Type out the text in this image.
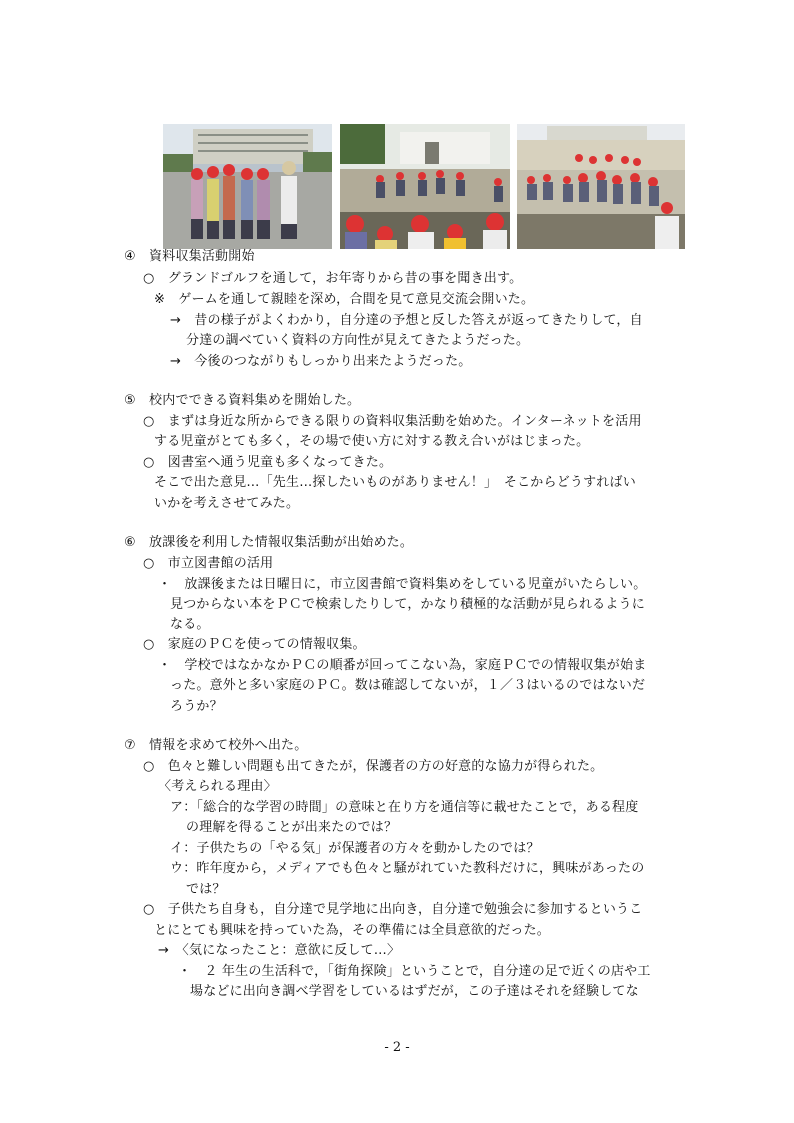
④　資料収集活動開始
○　グランドゴルフを通して，お年寄りから昔の事を聞き出す。
※　ゲームを通して親睦を深め，合間を見て意見交流会開いた。
→　昔の様子がよくわかり，自分達の予想と反した答えが返ってきたりして，自
分達の調べていく資料の方向性が見えてきたようだった。
→　今後のつながりもしっかり出来たようだった。
⑤　校内でできる資料集めを開始した。
○　まずは身近な所からできる限りの資料収集活動を始めた。インターネットを活用
する児童がとても多く，その場で使い方に対する教え合いがはじまった。
○　図書室へ通う児童も多くなってきた。
そこで出た意見…「先生…探したいものがありません！」　そこからどうすればい
いかを考えさせてみた。
⑥　放課後を利用した情報収集活動が出始めた。
○　市立図書館の活用
・　放課後または日曜日に，市立図書館で資料集めをしている児童がいたらしい。
見つからない本をＰＣで検索したりして，かなり積極的な活動が見られるように
なる。
○　家庭のＰＣを使っての情報収集。
・　学校ではなかなかＰＣの順番が回ってこない為，家庭ＰＣでの情報収集が始ま
った。意外と多い家庭のＰＣ。数は確認してないが，１／３はいるのではないだ
ろうか？
⑦　情報を求めて校外へ出た。
○　色々と難しい問題も出てきたが，保護者の方の好意的な協力が得られた。
〈考えられる理由〉
ア：「総合的な学習の時間」の意味と在り方を通信等に載せたことで，ある程度
の理解を得ることが出来たのでは？
イ：子供たちの「やる気」が保護者の方々を動かしたのでは？
ウ：昨年度から，メディアでも色々と騒がれていた教科だけに，興味があったの
では？
○　子供たち自身も，自分達で見学地に出向き，自分達で勉強会に参加するというこ
とにとても興味を持っていた為，その準備には全員意欲的だった。
→　〈気になったこと：意欲に反して…〉
・　２ 年生の生活科で，「街角探険」ということで，自分達の足で近くの店や工
場などに出向き調べ学習をしているはずだが，この子達はそれを経験してな
- 2 -
